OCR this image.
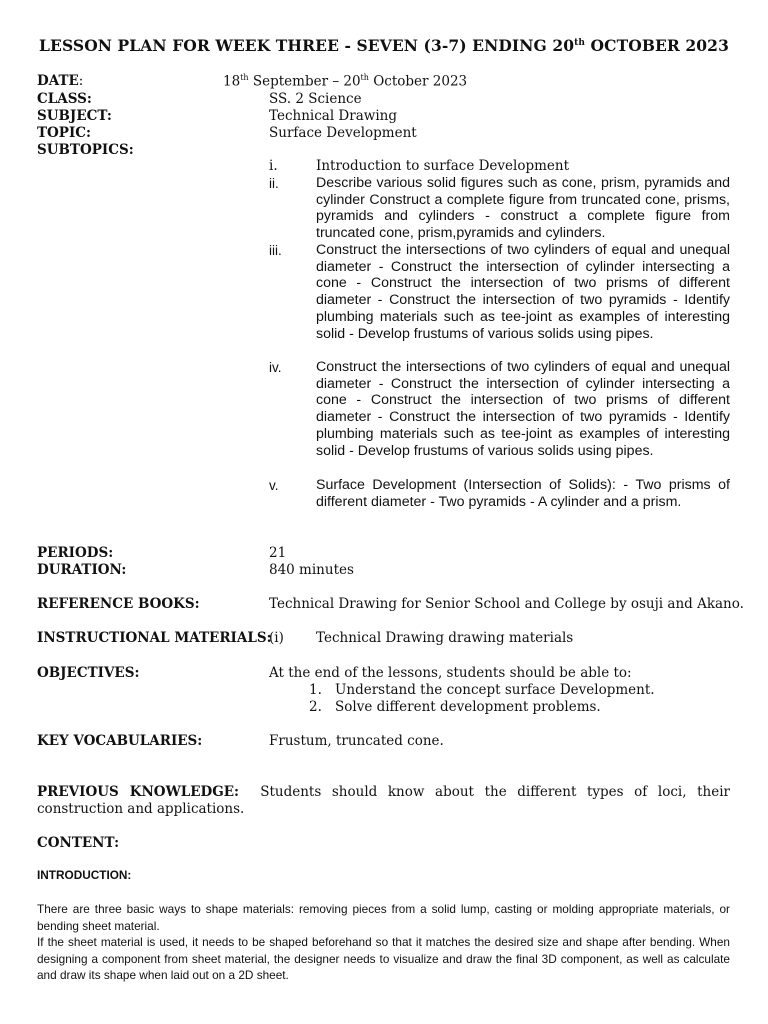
LESSON PLAN FOR WEEK THREE - SEVEN (3-7) ENDING 20th OCTOBER 2023
DATE:	18th September – 20th October 2023
CLASS:	SS. 2 Science
SUBJECT:	Technical Drawing
TOPIC:	Surface Development
SUBTOPICS:
i.	Introduction to surface Development
ii.	Describe various solid figures such as cone, prism, pyramids and cylinder Construct a complete figure from truncated cone, prisms, pyramids and cylinders - construct a complete figure from truncated cone, prism,pyramids and cylinders.
iii. Construct the intersections of two cylinders of equal and unequal diameter - Construct the intersection of cylinder intersecting a cone - Construct the intersection of two prisms of different diameter - Construct the intersection of two pyramids - Identify plumbing materials such as tee-joint as examples of interesting solid - Develop frustums of various solids using pipes.
iv. Construct the intersections of two cylinders of equal and unequal diameter - Construct the intersection of cylinder intersecting a cone - Construct the intersection of two prisms of different diameter - Construct the intersection of two pyramids - Identify plumbing materials such as tee-joint as examples of interesting solid - Develop frustums of various solids using pipes.
v.	Surface Development (Intersection of Solids): - Two prisms of different diameter - Two pyramids - A cylinder and a prism.
PERIODS:	21
DURATION:	840 minutes
REFERENCE BOOKS:	Technical Drawing for Senior School and College by osuji and Akano.
INSTRUCTIONAL MATERIALS:
(i) Technical Drawing drawing materials
OBJECTIVES:	At the end of the lessons, students should be able to:
1. Understand the concept surface Development.
2. Solve different development problems.
KEY VOCABULARIES:	Frustum, truncated cone.
PREVIOUS KNOWLEDGE: Students should know about the different types of loci, their construction and applications.
CONTENT:
INTRODUCTION:
There are three basic ways to shape materials: removing pieces from a solid lump, casting or molding appropriate materials, or bending sheet material.
If the sheet material is used, it needs to be shaped beforehand so that it matches the desired size and shape after bending. When designing a component from sheet material, the designer needs to visualize and draw the final 3D component, as well as calculate and draw its shape when laid out on a 2D sheet.
